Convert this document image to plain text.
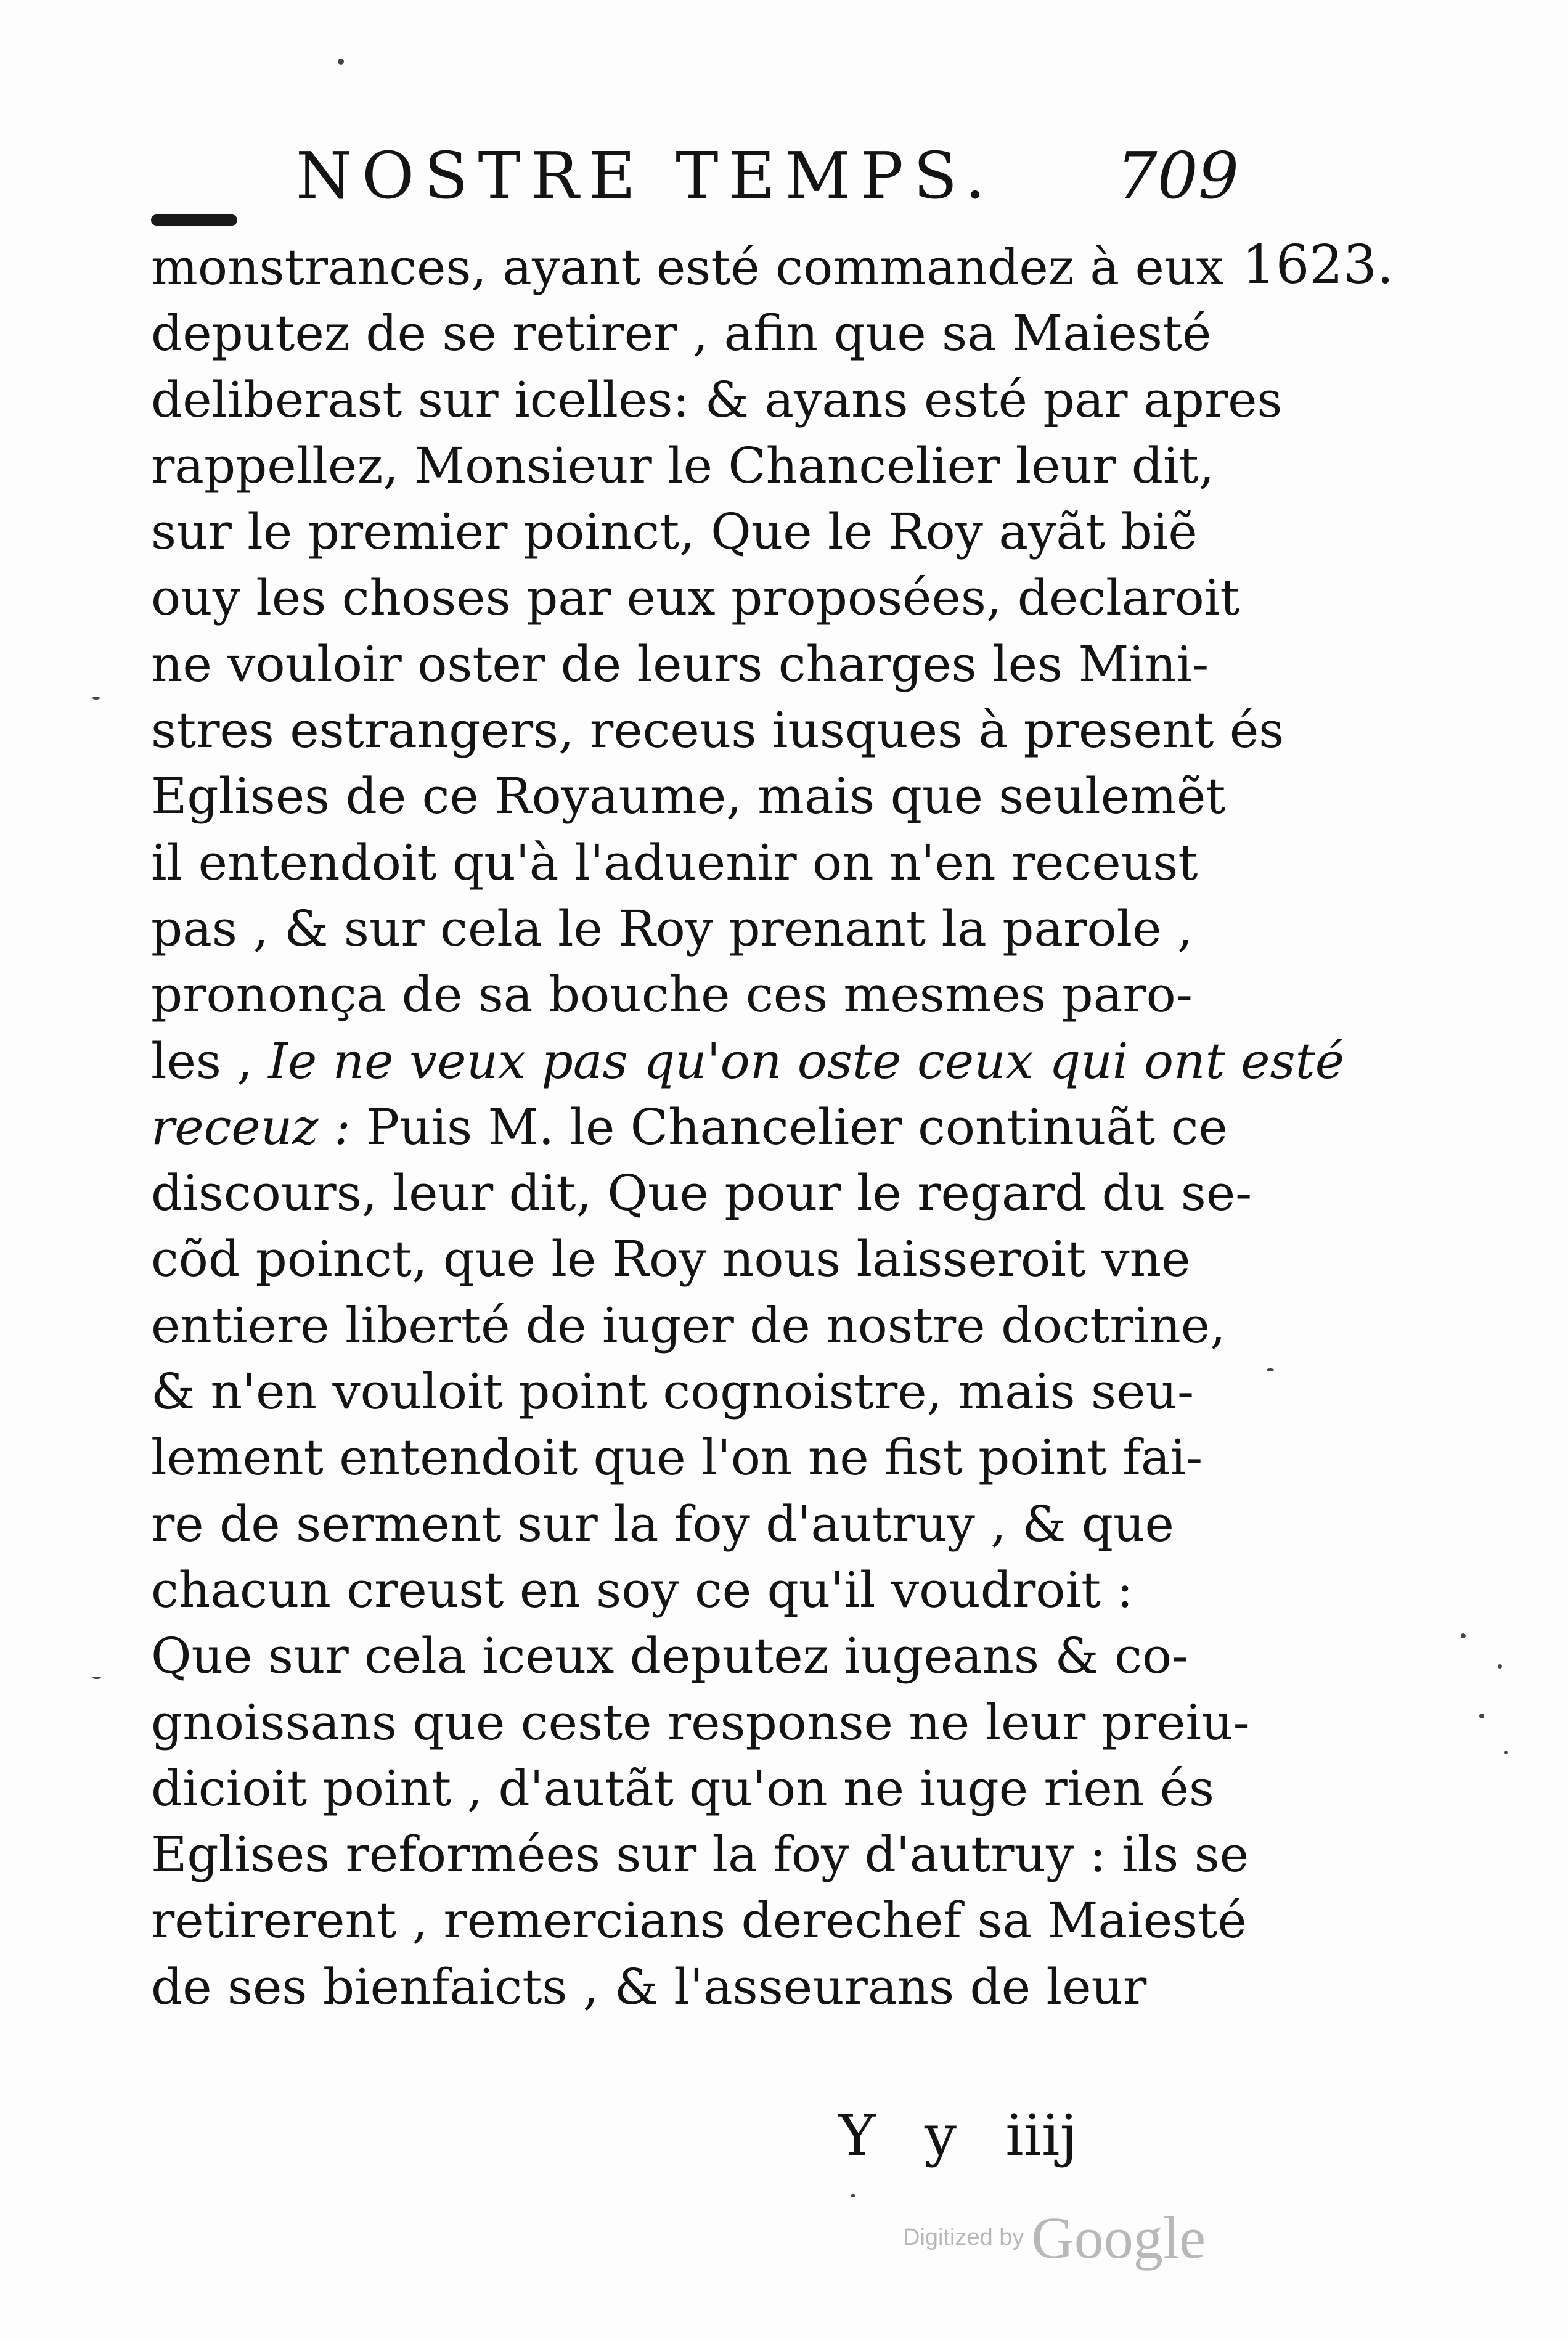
NOSTRE TEMPS. 709
1623.
monstrances, ayant esté commandez à eux
deputez de se retirer , afin que sa Maiesté
deliberast sur icelles: & ayans esté par apres
rappellez, Monsieur le Chancelier leur dit,
sur le premier poinct, Que le Roy ayãt biẽ
ouy les choses par eux proposées, declaroit
ne vouloir oster de leurs charges les Mini-
stres estrangers, receus iusques à present és
Eglises de ce Royaume, mais que seulemẽt
il entendoit qu'à l'aduenir on n'en receust
pas , & sur cela le Roy prenant la parole ,
prononça de sa bouche ces mesmes paro-
les , Ie ne veux pas qu'on oste ceux qui ont esté
receuz : Puis M. le Chancelier continuãt ce
discours, leur dit, Que pour le regard du se-
cõd poinct, que le Roy nous laisseroit vne
entiere liberté de iuger de nostre doctrine,
& n'en vouloit point cognoistre, mais seu-
lement entendoit que l'on ne fist point fai-
re de serment sur la foy d'autruy , & que
chacun creust en soy ce qu'il voudroit :
Que sur cela iceux deputez iugeans & co-
gnoissans que ceste response ne leur preiu-
dicioit point , d'autãt qu'on ne iuge rien és
Eglises reformées sur la foy d'autruy : ils se
retirerent , remercians derechef sa Maiesté
de ses bienfaicts , & l'asseurans de leur
Y y iiij
Digitized by Google
